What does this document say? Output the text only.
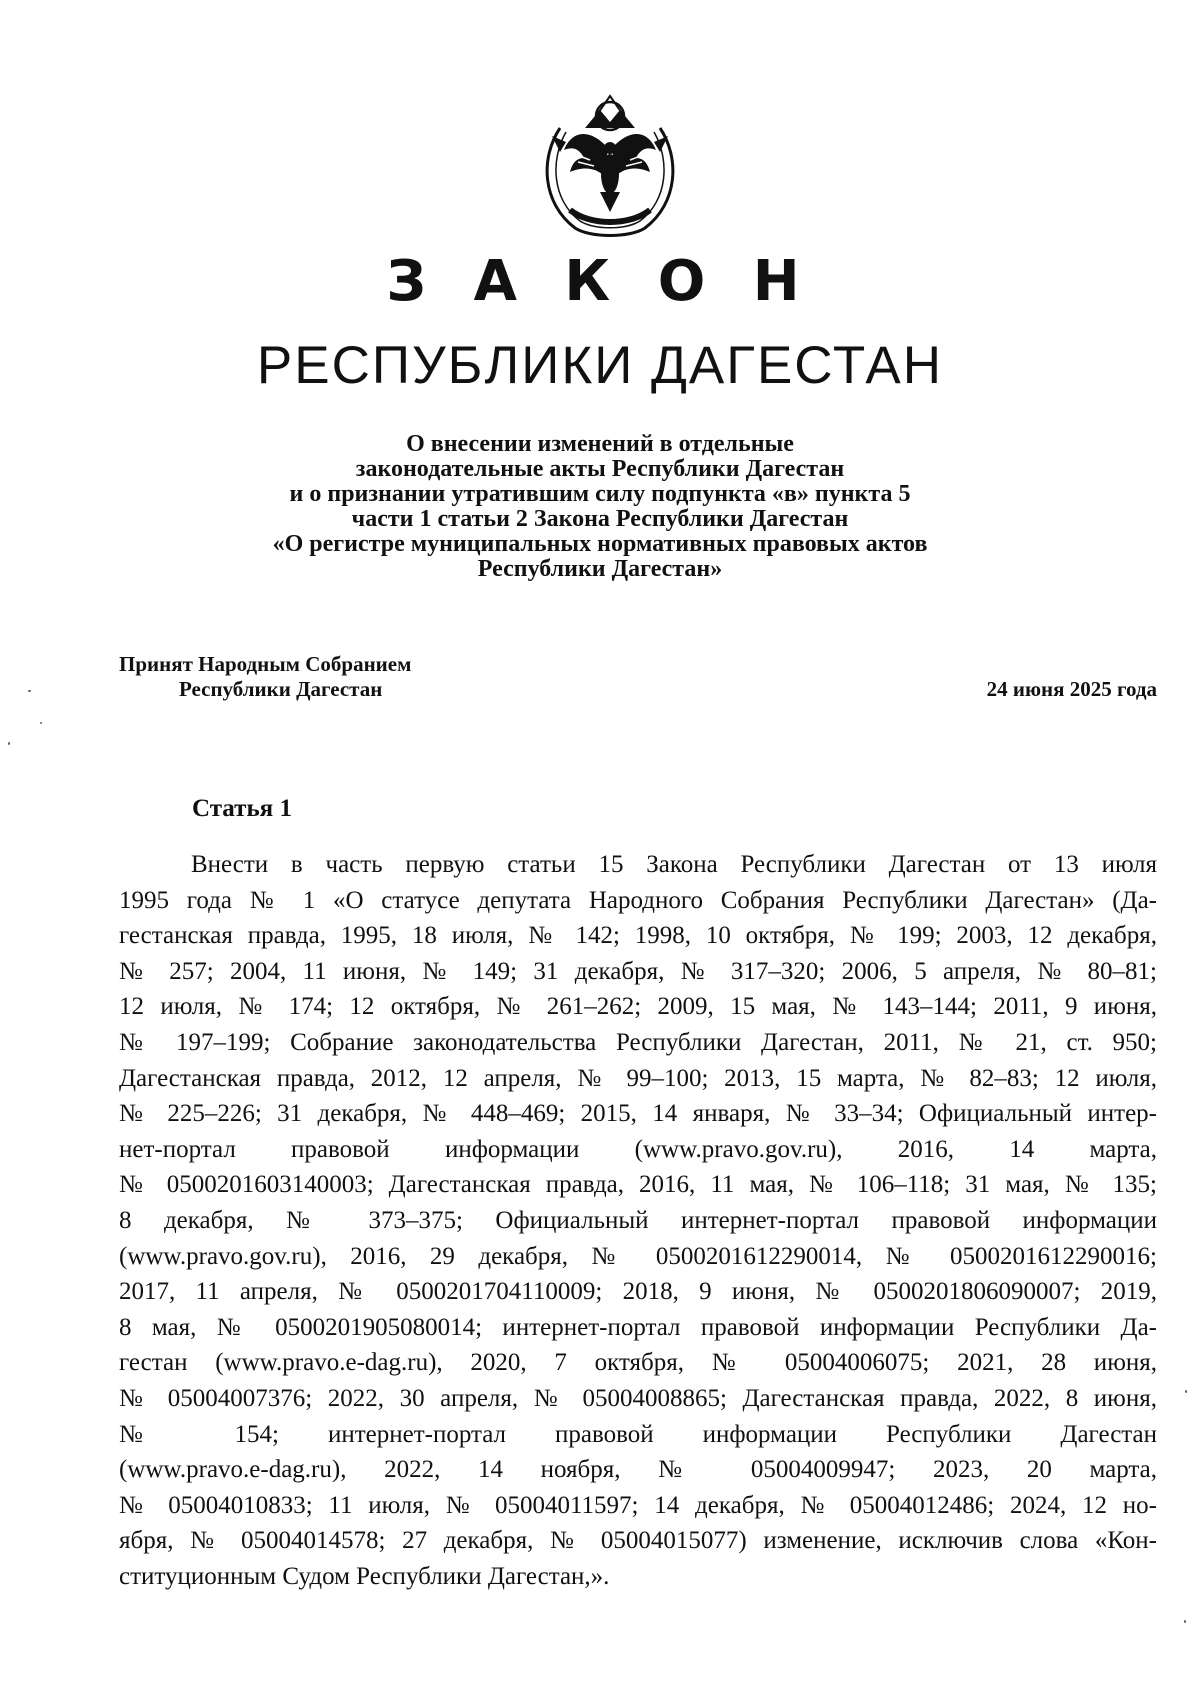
З А К О Н
РЕСПУБЛИКИ ДАГЕСТАН
О внесении изменений в отдельные
законодательные акты Республики Дагестан
и о признании утратившим силу подпункта «в» пункта 5
части 1 статьи 2 Закона Республики Дагестан
«О регистре муниципальных нормативных правовых актов
Республики Дагестан»
Принят Народным Собранием
Республики Дагестан	24 июня 2025 года
Статья 1
Внести в часть первую статьи 15 Закона Республики Дагестан от 13 июля
1995 года № 1 «О статусе депутата Народного Собрания Республики Дагестан» (Да-
гестанская правда, 1995, 18 июля, № 142; 1998, 10 октября, № 199; 2003, 12 декабря,
№ 257; 2004, 11 июня, № 149; 31 декабря, № 317–320; 2006, 5 апреля, № 80–81;
12 июля, № 174; 12 октября, № 261–262; 2009, 15 мая, № 143–144; 2011, 9 июня,
№ 197–199; Собрание законодательства Республики Дагестан, 2011, № 21, ст. 950;
Дагестанская правда, 2012, 12 апреля, № 99–100; 2013, 15 марта, № 82–83; 12 июля,
№ 225–226; 31 декабря, № 448–469; 2015, 14 января, № 33–34; Официальный интер-
нет-портал правовой информации (www.pravo.gov.ru), 2016, 14 марта,
№ 0500201603140003; Дагестанская правда, 2016, 11 мая, № 106–118; 31 мая, № 135;
8 декабря, № 373–375; Официальный интернет-портал правовой информации
(www.pravo.gov.ru), 2016, 29 декабря, № 0500201612290014, № 0500201612290016;
2017, 11 апреля, № 0500201704110009; 2018, 9 июня, № 0500201806090007; 2019,
8 мая, № 0500201905080014; интернет-портал правовой информации Республики Да-
гестан (www.pravo.e-dag.ru), 2020, 7 октября, № 05004006075; 2021, 28 июня,
№ 05004007376; 2022, 30 апреля, № 05004008865; Дагестанская правда, 2022, 8 июня,
№ 154; интернет-портал правовой информации Республики Дагестан
(www.pravo.e-dag.ru), 2022, 14 ноября, № 05004009947; 2023, 20 марта,
№ 05004010833; 11 июля, № 05004011597; 14 декабря, № 05004012486; 2024, 12 но-
ября, № 05004014578; 27 декабря, № 05004015077) изменение, исключив слова «Кон-
ституционным Судом Республики Дагестан,».
